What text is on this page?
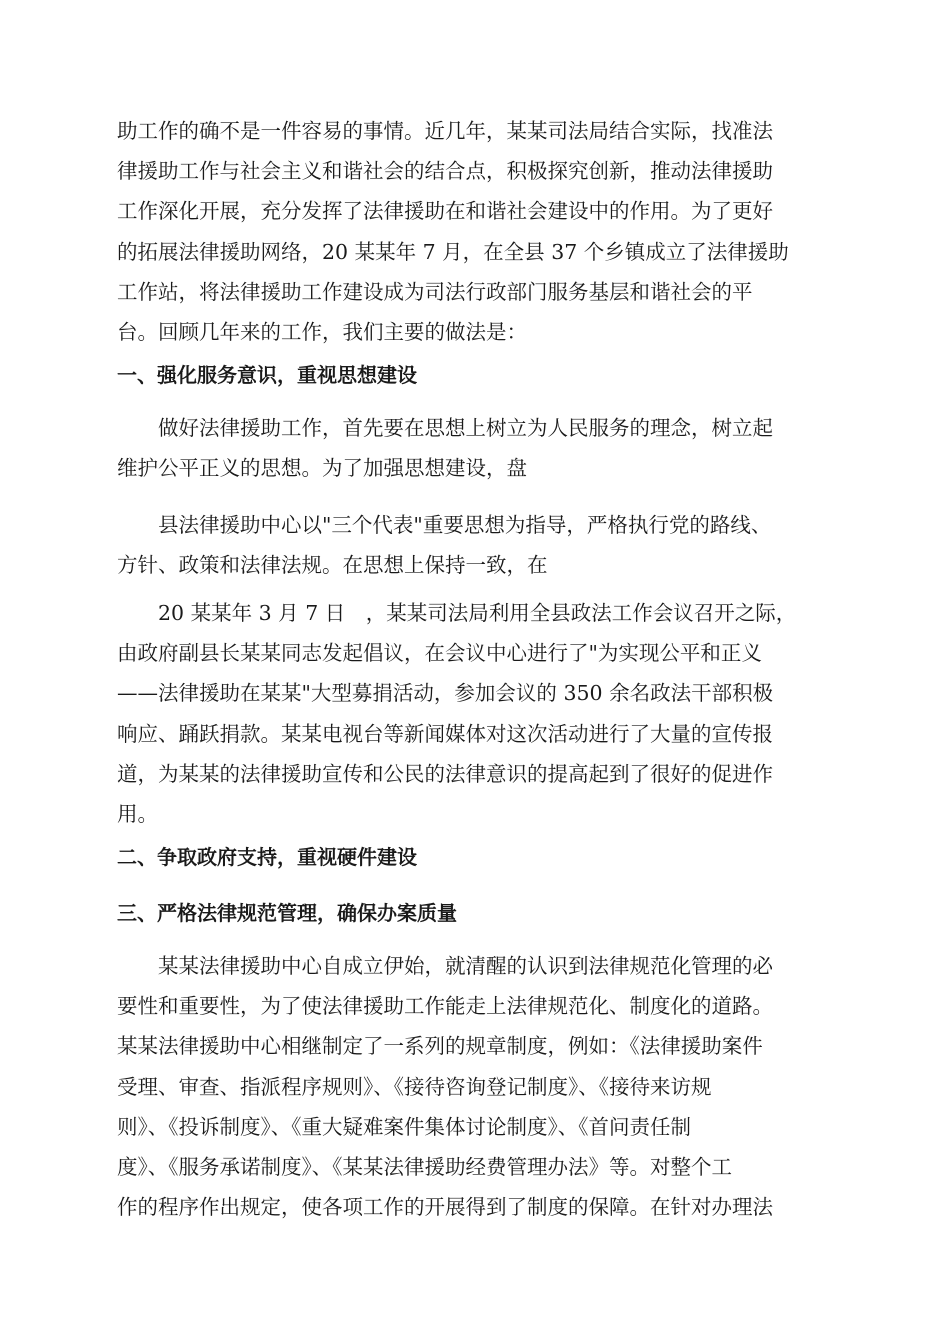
助工作的确不是一件容易的事情。近几年，某某司法局结合实际，找准法
律援助工作与社会主义和谐社会的结合点，积极探究创新，推动法律援助
工作深化开展，充分发挥了法律援助在和谐社会建设中的作用。为了更好
的拓展法律援助网络，20 某某年 7 月，在全县 37 个乡镇成立了法律援助
工作站，将法律援助工作建设成为司法行政部门服务基层和谐社会的平
台。回顾几年来的工作，我们主要的做法是：

一、强化服务意识，重视思想建设

　　做好法律援助工作，首先要在思想上树立为人民服务的理念，树立起
维护公平正义的思想。为了加强思想建设，盘

　　县法律援助中心以"三个代表"重要思想为指导，严格执行党的路线、
方针、政策和法律法规。在思想上保持一致，在

　　20 某某年 3 月 7 日　，某某司法局利用全县政法工作会议召开之际，
由政府副县长某某同志发起倡议，在会议中心进行了"为实现公平和正义
——法律援助在某某"大型募捐活动，参加会议的 350 余名政法干部积极
响应、踊跃捐款。某某电视台等新闻媒体对这次活动进行了大量的宣传报
道，为某某的法律援助宣传和公民的法律意识的提高起到了很好的促进作
用。

二、争取政府支持，重视硬件建设
三、严格法律规范管理，确保办案质量

　　某某法律援助中心自成立伊始，就清醒的认识到法律规范化管理的必
要性和重要性，为了使法律援助工作能走上法律规范化、制度化的道路。
某某法律援助中心相继制定了一系列的规章制度，例如：《法律援助案件
受理、审查、指派程序规则》、《接待咨询登记制度》、《接待来访规
则》、《投诉制度》、《重大疑难案件集体讨论制度》、《首问责任制
度》、《服务承诺制度》、《某某法律援助经费管理办法》等。对整个工
作的程序作出规定，使各项工作的开展得到了制度的保障。在针对办理法
